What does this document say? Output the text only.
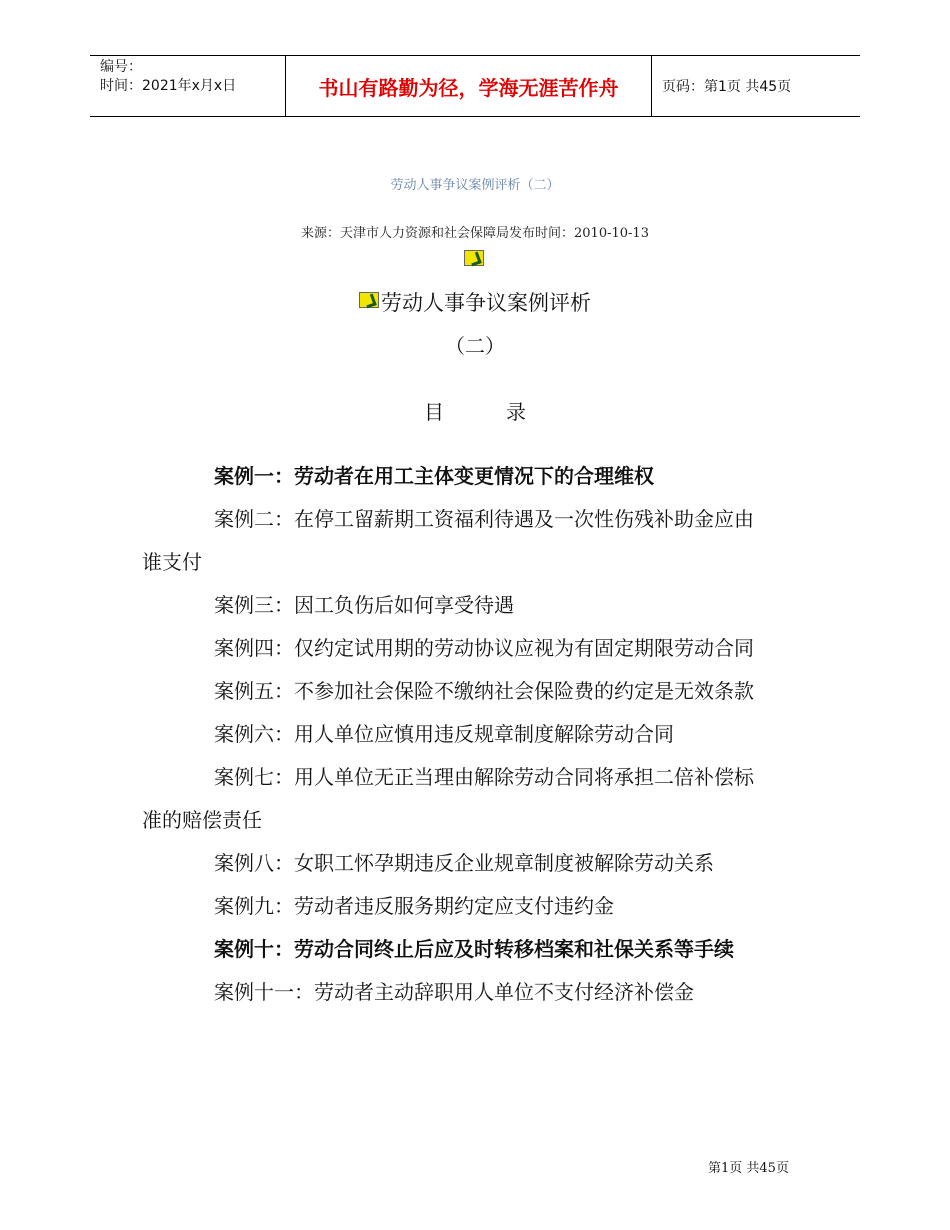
编号：
时间：2021年x月x日	书山有路勤为径，学海无涯苦作舟	页码：第1页 共45页
劳动人事争议案例评析（二）
来源：天津市人力资源和社会保障局发布时间：2010-10-13
劳动人事争议案例评析
（二）
目录

案例一：劳动者在用工主体变更情况下的合理维权

案例二：在停工留薪期工资福利待遇及一次性伤残补助金应由谁支付

案例三：因工负伤后如何享受待遇

案例四：仅约定试用期的劳动协议应视为有固定期限劳动合同

案例五：不参加社会保险不缴纳社会保险费的约定是无效条款

案例六：用人单位应慎用违反规章制度解除劳动合同

案例七：用人单位无正当理由解除劳动合同将承担二倍补偿标准的赔偿责任

案例八：女职工怀孕期违反企业规章制度被解除劳动关系

案例九：劳动者违反服务期约定应支付违约金

案例十：劳动合同终止后应及时转移档案和社保关系等手续

案例十一：劳动者主动辞职用人单位不支付经济补偿金

第1页 共45页
